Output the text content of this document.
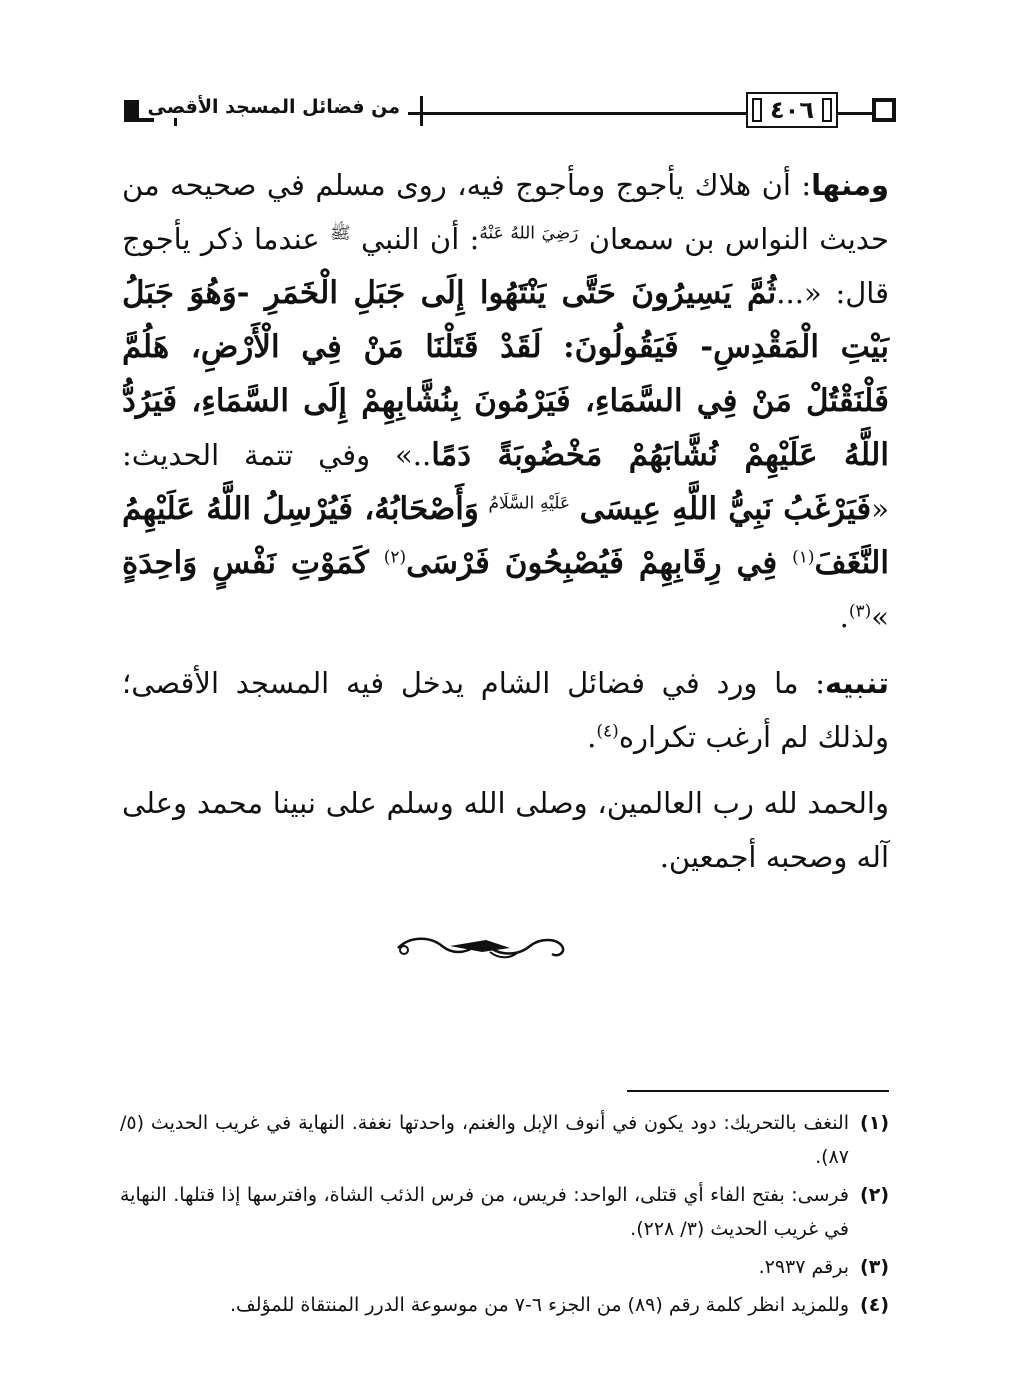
٤٠٦
من فضائل المسجد الأقصى

ومنها: أن هلاك يأجوج ومأجوج فيه، روى مسلم في صحيحه من حديث النواس بن سمعان $^{رَضِيَ اللهُ عَنْهُ}$: أن النبي $^ﷺ$ عندما ذكر يأجوج قال: «...ثُمَّ يَسِيرُونَ حَتَّى يَنْتَهُوا إِلَى جَبَلِ الْخَمَرِ -وَهُوَ جَبَلُ بَيْتِ الْمَقْدِسِ- فَيَقُولُونَ: لَقَدْ قَتَلْنَا مَنْ فِي الْأَرْضِ، هَلُمَّ فَلْنَقْتُلْ مَنْ فِي السَّمَاءِ، فَيَرْمُونَ بِنُشَّابِهِمْ إِلَى السَّمَاءِ، فَيَرُدُّ اللَّهُ عَلَيْهِمْ نُشَّابَهُمْ مَخْضُوبَةً دَمًا..» وفي تتمة الحديث: «فَيَرْغَبُ نَبِيُّ اللَّهِ عِيسَى $^{عَلَيْهِ السَّلَامُ}$ وَأَصْحَابُهُ، فَيُرْسِلُ اللَّهُ عَلَيْهِمُ النَّغَفَ$^{(١)}$ فِي رِقَابِهِمْ فَيُصْبِحُونَ فَرْسَى$^{(٢)}$ كَمَوْتِ نَفْسٍ وَاحِدَةٍ »$^{(٣)}$.

تنبيه: ما ورد في فضائل الشام يدخل فيه المسجد الأقصى؛ ولذلك لم أرغب تكراره$^{(٤)}$.

والحمد لله رب العالمين، وصلى الله وسلم على نبينا محمد وعلى آله وصحبه أجمعين.

(١)
النغف بالتحريك: دود يكون في أنوف الإبل والغنم، واحدتها نغفة. النهاية في غريب الحديث (٥/ ٨٧).
(٢)
فرسى: بفتح الفاء أي قتلى، الواحد: فريس، من فرس الذئب الشاة، وافترسها إذا قتلها. النهاية في غريب الحديث (٣/ ٢٢٨).
(٣)
برقم ٢٩٣٧.
(٤)
وللمزيد انظر كلمة رقم (٨٩) من الجزء ٦-٧ من موسوعة الدرر المنتقاة للمؤلف.
